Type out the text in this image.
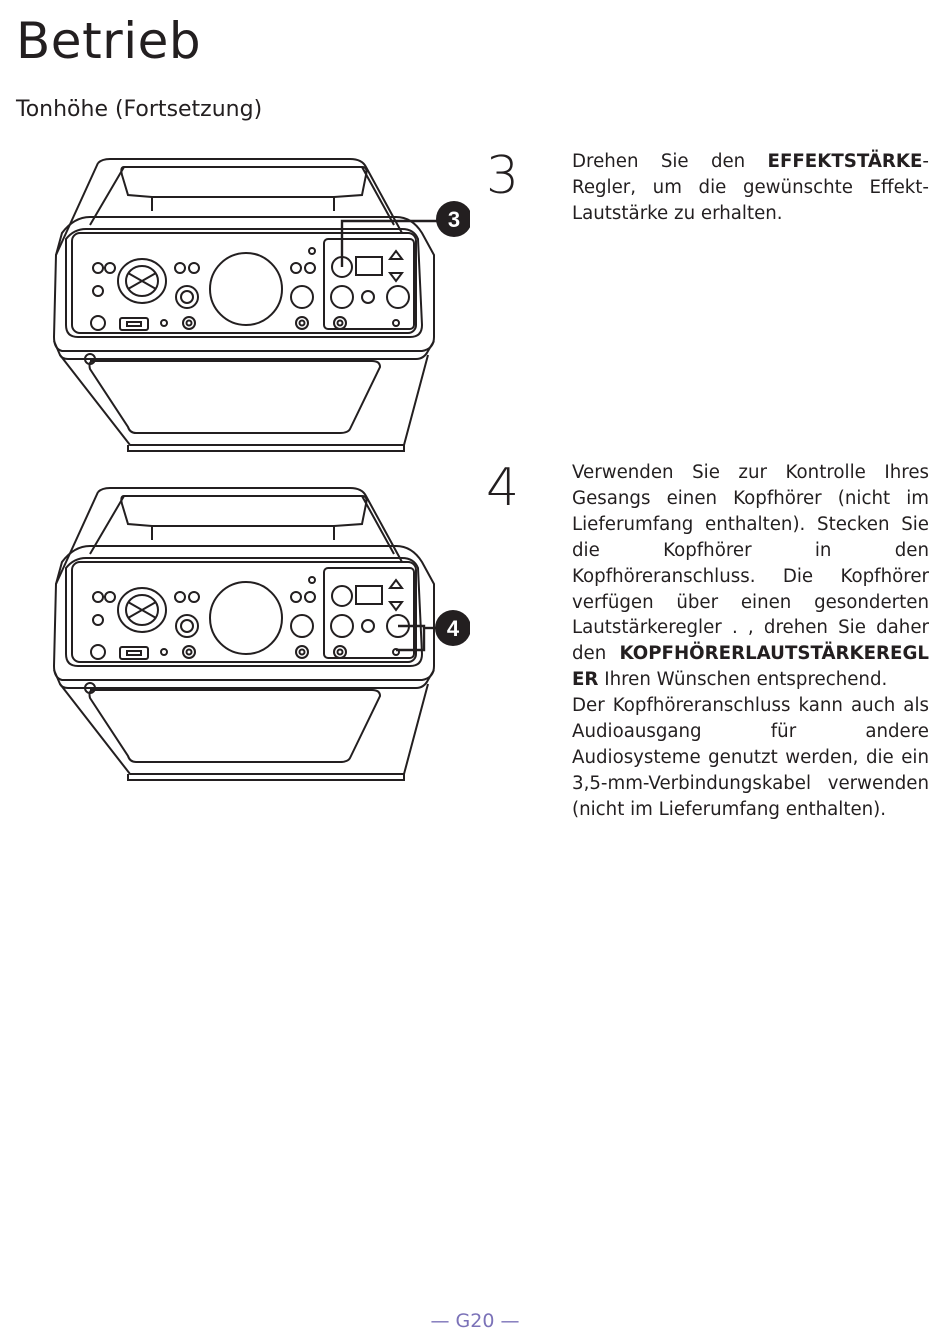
Betrieb
Tonhöhe (Fortsetzung)
3
4
3	Drehen Sie den EFFEKTSTÄRKE-Regler, um die gewünschte Effekt-Lautstärke zu erhalten.

4	Verwenden Sie zur Kontrolle Ihres Gesangs einen Kopfhörer (nicht im Lieferumfang enthalten). Stecken Sie die Kopfhörer in den Kopfhöreranschluss. Die Kopfhörer verfügen über einen gesonderten Lautstärkeregler . , drehen Sie daher den KOPFHÖRERLAUTSTÄRKEREGLER Ihren Wünschen entsprechend.

Der Kopfhöreranschluss kann auch als Audioausgang für andere Audiosysteme genutzt werden, die ein 3,5-mm-Verbindungskabel verwenden (nicht im Lieferumfang enthalten).

— G20 —
